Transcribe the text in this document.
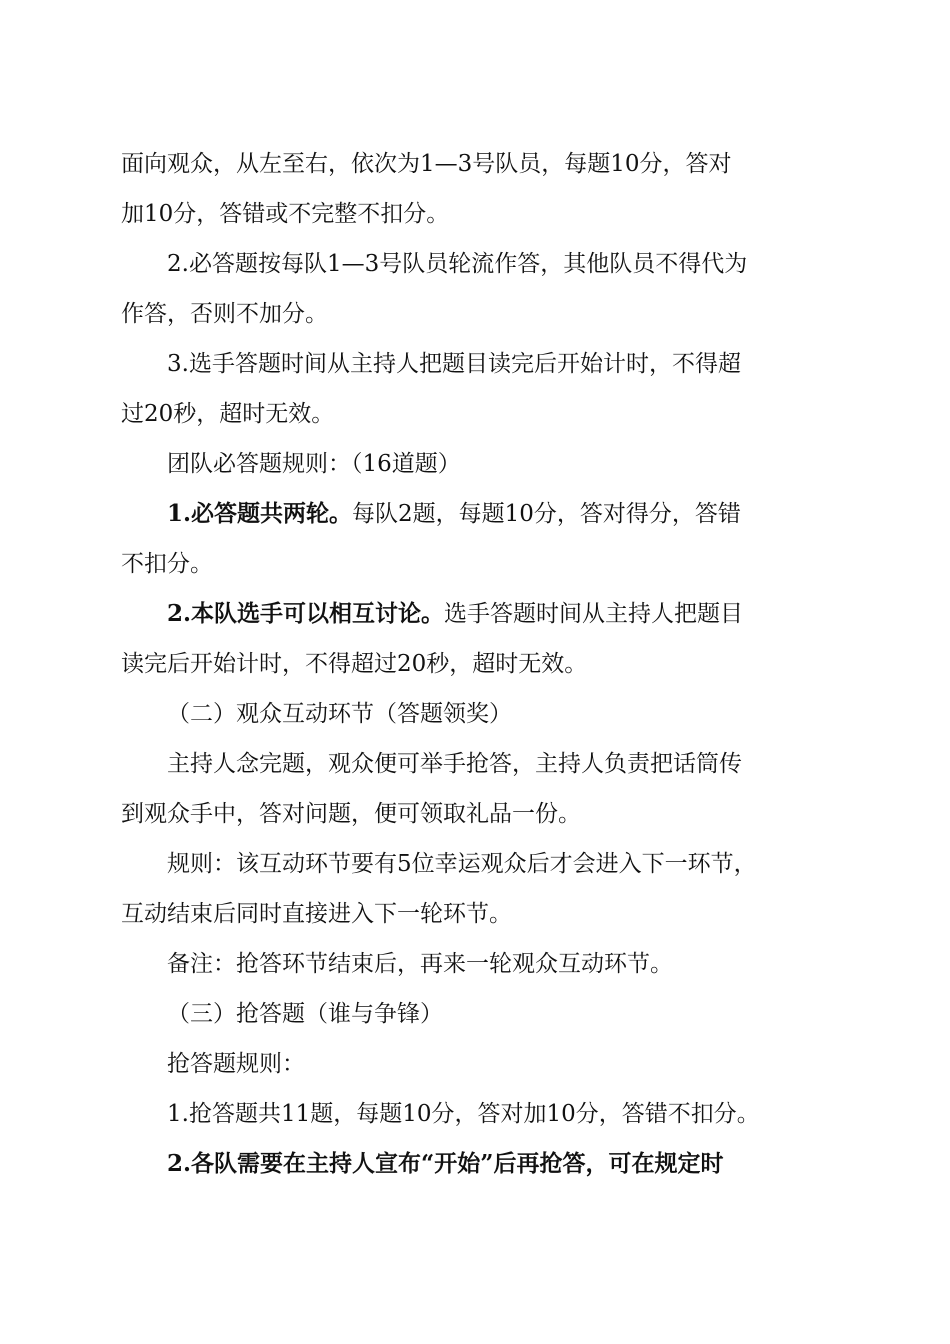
面向观众，从左至右，依次为1—3号队员，每题10分，答对
加10分，答错或不完整不扣分。

2.必答题按每队1—3号队员轮流作答，其他队员不得代为
作答，否则不加分。

3.选手答题时间从主持人把题目读完后开始计时，不得超
过20秒，超时无效。

团队必答题规则：（16道题）

1.必答题共两轮。每队2题，每题10分，答对得分，答错
不扣分。

2.本队选手可以相互讨论。选手答题时间从主持人把题目
读完后开始计时，不得超过20秒，超时无效。

（二）观众互动环节（答题领奖）

主持人念完题，观众便可举手抢答，主持人负责把话筒传
到观众手中，答对问题，便可领取礼品一份。

规则：该互动环节要有5位幸运观众后才会进入下一环节，
互动结束后同时直接进入下一轮环节。

备注：抢答环节结束后，再来一轮观众互动环节。

（三）抢答题（谁与争锋）

抢答题规则：

1.抢答题共11题，每题10分，答对加10分，答错不扣分。

2.各队需要在主持人宣布“开始”后再抢答，可在规定时
